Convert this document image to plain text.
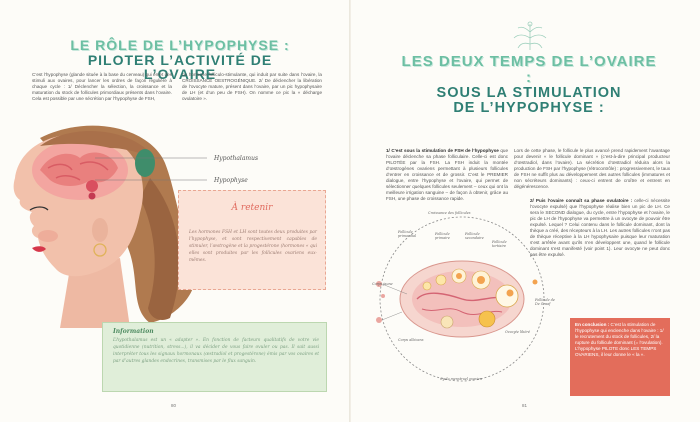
LE RÔLE DE L’HYPOPHYSE :
PILOTER L’ACTIVITÉ DE L’OVAIRE
C’est l’hypophyse (glande située à la base du cerveau) qui émet des stimuli aux ovaires, pour lancer les ordres de façon régulière à chaque cycle : 1/ Déclencher la sélection, la croissance et la maturation du stock de follicules primordiaux présents dans l’ovaire. Cela est possible par une sécrétion par l’hypophyse de FSH,
ou hormone folliculo-stimulante, qui induit par suite dans l’ovaire, la CROISSANCE OESTROGÉNIQUE. 2/ De déclencher la libération de l’ovocyte mature, présent dans l’ovaire, par un pic hypophysaire de LH (et d’un peu de FSH). On nomme ce pic la « décharge ovulatoire ».
Hypothalamus
Hypophyse
À retenir
Les hormones FSH et LH sont toutes deux produites par l’hypophyse, et sont respectivement capables de stimuler, l’œstrogène et la progestérone (hormones « qui elles sont produites par les follicules ovariens eux-mêmes.
Information
L’hypothalamus est un « adapter ». En fonction de facteurs qualitatifs de votre vie quotidienne (nutrition, stress...), il va décider de vous faire ovuler ou pas. Il sait aussi interpréter tous les signaux hormonaux (œstradiol et progestérone) émis par vos ovaires et par d’autres glandes endocrines, transmises par le flux sanguin.
80
LES DEUX TEMPS DE L’OVAIRE :
SOUS LA STIMULATION
DE L’HYPOPHYSE :
1/ C’est sous la stimulation de FSH de l’hypophyse que l’ovaire déclenche sa phase folliculaire. Celle-ci est donc PILOTÉE par la FSH. La FSH induit la montée d’œstrogènes ovariens permettant à plusieurs follicules d’entrer en croissance et de grossir. C’est le PREMIER dialogue, entre l’hypophyse et l’ovaire, qui permet de sélectionner quelques follicules seulement – ceux qui ont la meilleure irrigation sanguine – de façon à obtenir, grâce au FSH, une phase de croissance rapide.
Lors de cette phase, le follicule le plus avancé prend rapidement l’avantage pour devenir « le follicule dominant » (c’est-à-dire principal producteur d’œstradiol, dans l’ovaire). La sécrétion d’œstradiol réduira alors la production de FSH par l’hypophyse (rétrocontrôle) : progressivement, le taux de FSH ne suffit plus au développement des autres follicules (immatures et non sécréteurs dominants) : ceux-ci entrent de croître et entrent en dégénérescence.
2/ Puis l’ovaire connaît sa phase ovulatoire : celle-ci nécessite l’ovocyte expulsé) que l’hypophyse réalise bien un pic de LH. Ce sera le SECOND dialogue, du cycle, entre l’hypophyse et l’ovaire, le pic de LH de l’hypophyse va permettre à un ovocyte de pouvoir être expulsé. Lequel ? Celui contenu dans le follicule dominant, dont la thèque a créé, des récepteurs à la LH. Les autres follicules n’ont pas de thèque réceptive à la LH hypophysaire puisque leur maturation s’est arrêtée avant qu’ils n’en développent une, quand le follicule dominant s’est manifesté (voir point 1). Leur ovocyte ne peut donc pas être expulsé.
Croissance des follicules
Follicule primordial	Follicule primaire
Follicule secondaire
Follicule tertiaire
Follicule de De Graaf
Corps jaune
Corps albicans
Ovocyte libéré
Cycle menstruel ovarien
En conclusion : C’est la stimulation de l’hypophyse qui enclenche dans l’ovaire : 1/ le recrutement du stock de follicules, 2/ la rupture du follicule dominant (= l’ovulation). L’hypophyse PILOTE donc LES TEMPS OVARIENS, il leur donne le « la ».
81
